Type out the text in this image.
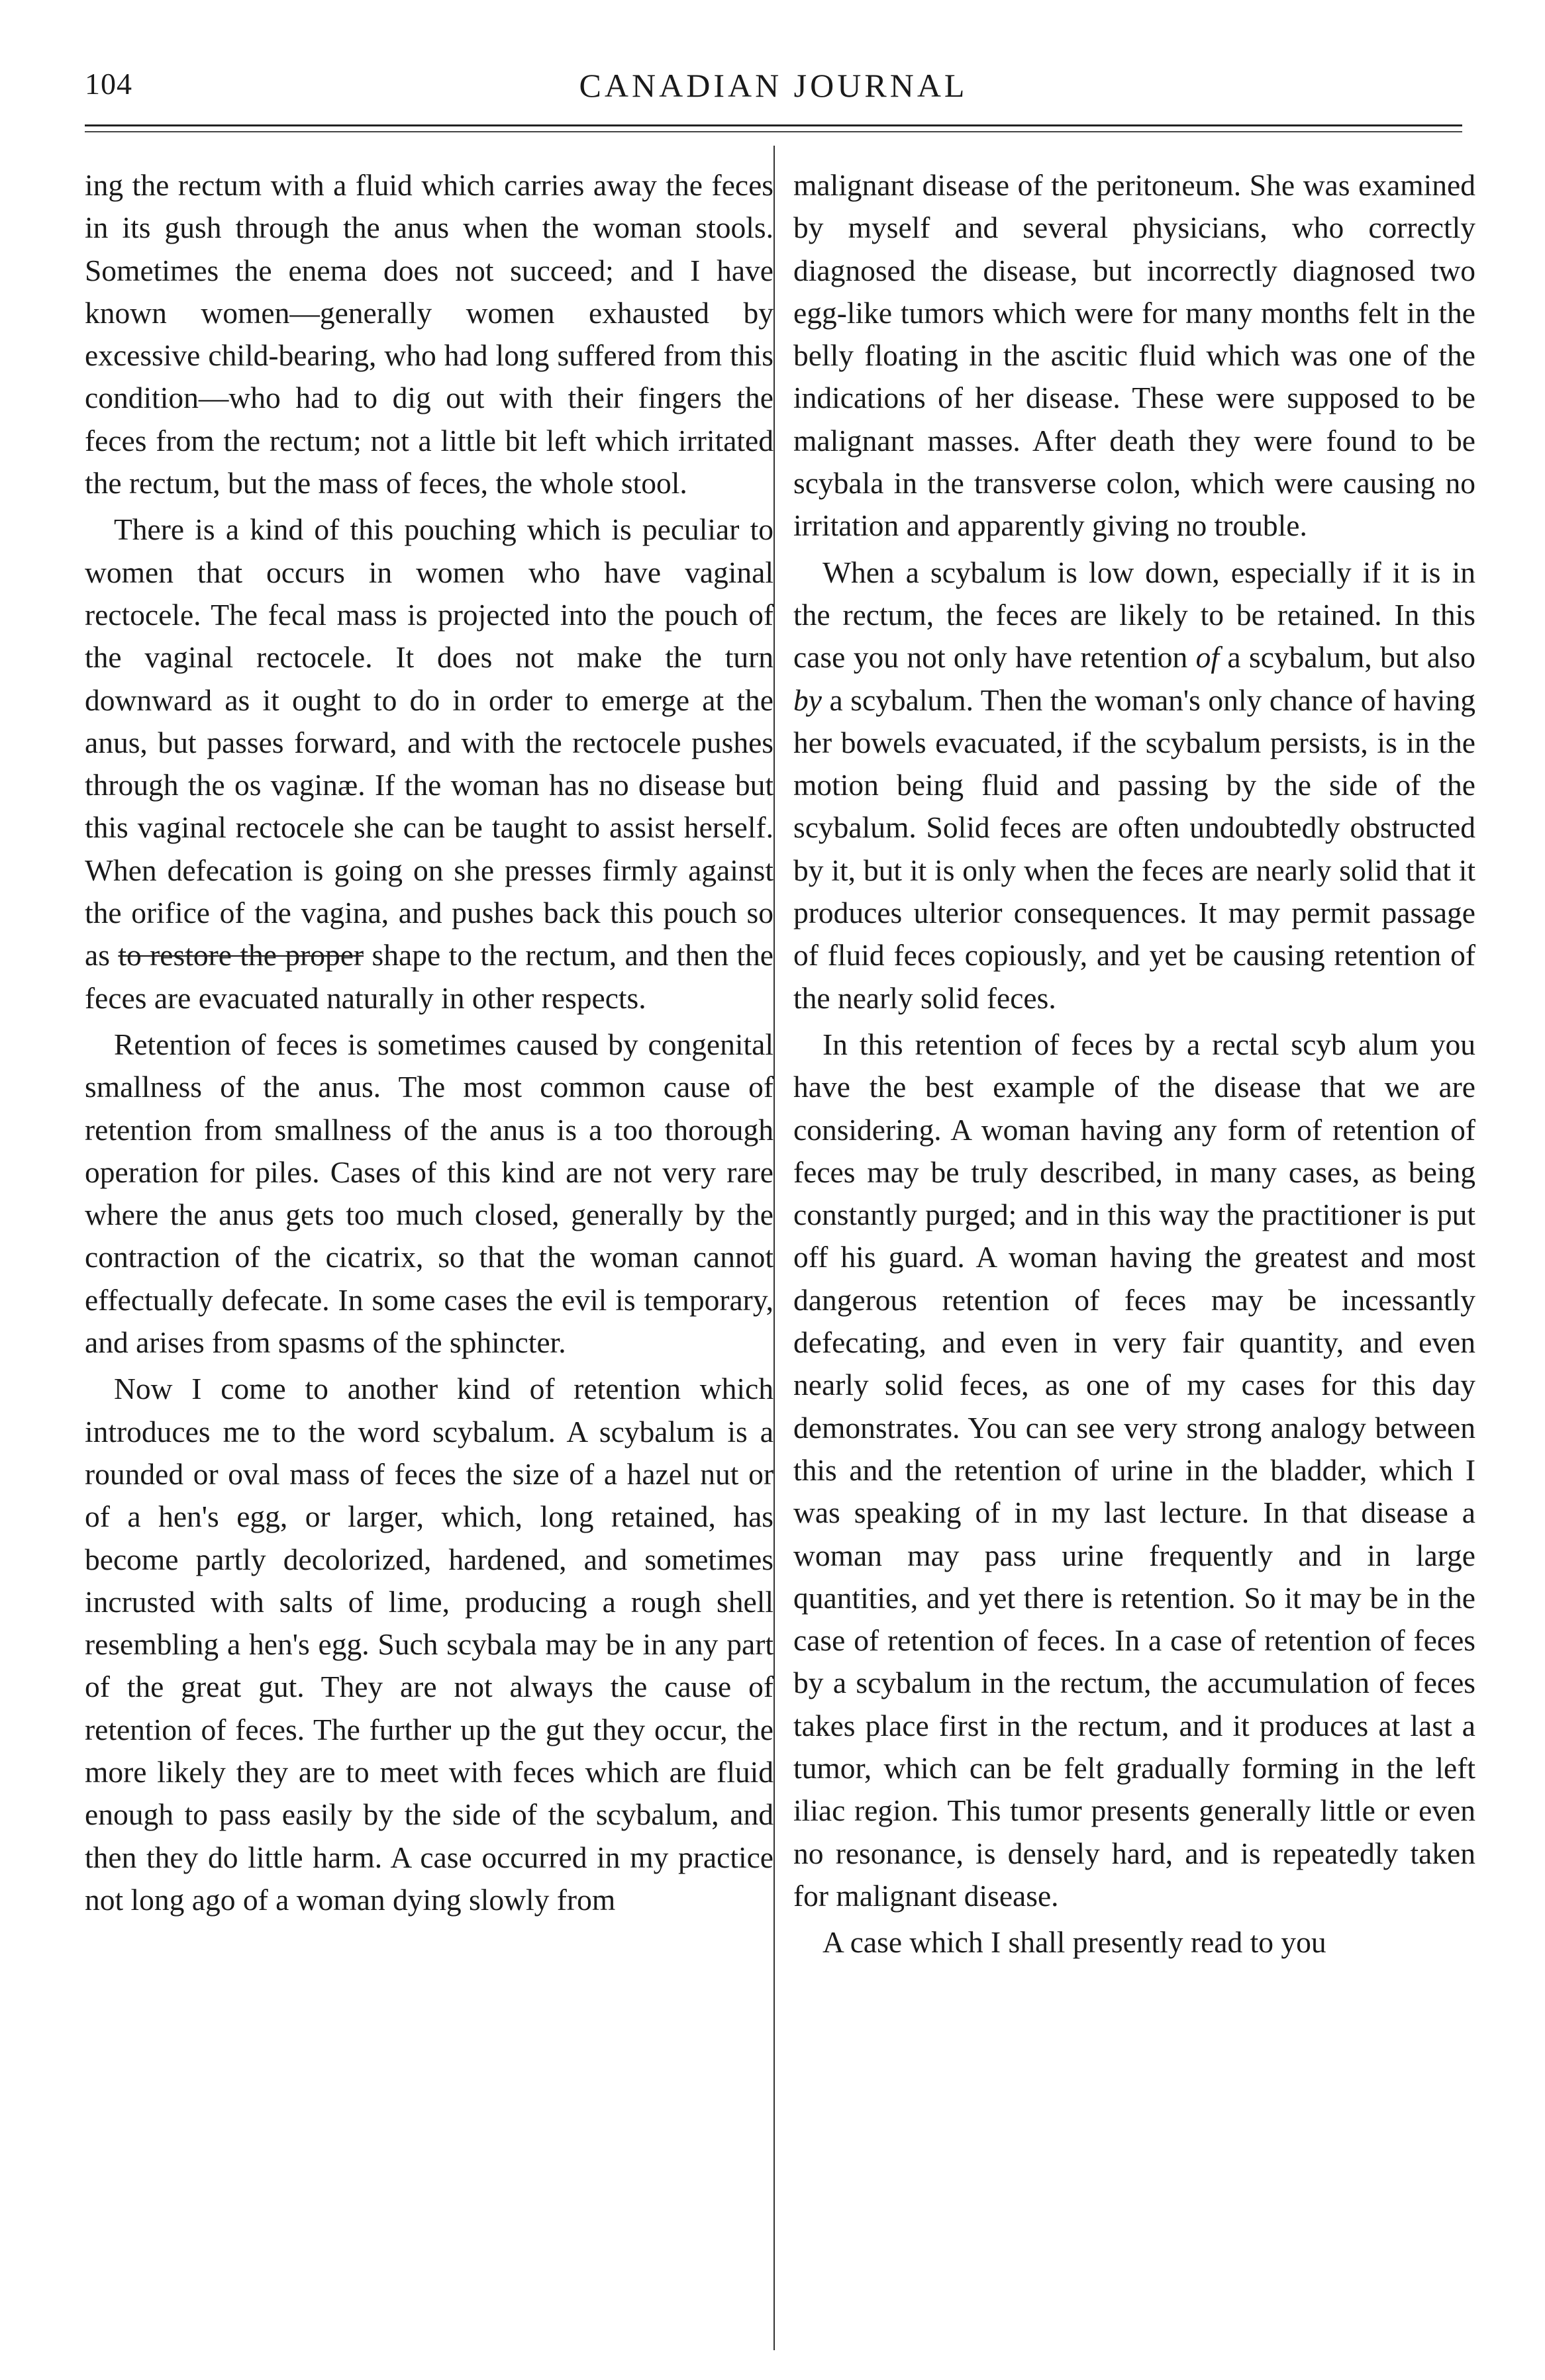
104	CANADIAN JOURNAL

ing the rectum with a fluid which carries away the feces in its gush through the anus when the woman stools. Sometimes the enema does not succeed; and I have known women—generally women exhausted by excessive child-bearing, who had long suffered from this condition—who had to dig out with their fingers the feces from the rectum; not a little bit left which irritated the rectum, but the mass of feces, the whole stool.

There is a kind of this pouching which is peculiar to women that occurs in women who have vaginal rectocele. The fecal mass is projected into the pouch of the vaginal rectocele. It does not make the turn downward as it ought to do in order to emerge at the anus, but passes forward, and with the rectocele pushes through the os vaginæ. If the woman has no disease but this vaginal rectocele she can be taught to assist herself. When defecation is going on she presses firmly against the orifice of the vagina, and pushes back this pouch so as to restore the proper shape to the rectum, and then the feces are evacuated naturally in other respects.

Retention of feces is sometimes caused by congenital smallness of the anus. The most common cause of retention from smallness of the anus is a too thorough operation for piles. Cases of this kind are not very rare where the anus gets too much closed, generally by the contraction of the cicatrix, so that the woman cannot effectually defecate. In some cases the evil is temporary, and arises from spasms of the sphincter.

Now I come to another kind of retention which introduces me to the word scybalum. A scybalum is a rounded or oval mass of feces the size of a hazel nut or of a hen's egg, or larger, which, long retained, has become partly decolorized, hardened, and sometimes incrusted with salts of lime, producing a rough shell resembling a hen's egg. Such scybala may be in any part of the great gut. They are not always the cause of retention of feces. The further up the gut they occur, the more likely they are to meet with feces which are fluid enough to pass easily by the side of the scybalum, and then they do little harm. A case occurred in my practice not long ago of a woman dying slowly from

malignant disease of the peritoneum. She was examined by myself and several physicians, who correctly diagnosed the disease, but incorrectly diagnosed two egg-like tumors which were for many months felt in the belly floating in the ascitic fluid which was one of the indications of her disease. These were supposed to be malignant masses. After death they were found to be scybala in the transverse colon, which were causing no irritation and apparently giving no trouble.

When a scybalum is low down, especially if it is in the rectum, the feces are likely to be retained. In this case you not only have retention of a scybalum, but also by a scybalum. Then the woman's only chance of having her bowels evacuated, if the scybalum persists, is in the motion being fluid and passing by the side of the scybalum. Solid feces are often undoubtedly obstructed by it, but it is only when the feces are nearly solid that it produces ulterior consequences. It may permit passage of fluid feces copiously, and yet be causing retention of the nearly solid feces.

In this retention of feces by a rectal scyb alum you have the best example of the disease that we are considering. A woman having any form of retention of feces may be truly described, in many cases, as being constantly purged; and in this way the practitioner is put off his guard. A woman having the greatest and most dangerous retention of feces may be incessantly defecating, and even in very fair quantity, and even nearly solid feces, as one of my cases for this day demonstrates. You can see very strong analogy between this and the retention of urine in the bladder, which I was speaking of in my last lecture. In that disease a woman may pass urine frequently and in large quantities, and yet there is retention. So it may be in the case of retention of feces. In a case of retention of feces by a scybalum in the rectum, the accumulation of feces takes place first in the rectum, and it produces at last a tumor, which can be felt gradually forming in the left iliac region. This tumor presents generally little or even no resonance, is densely hard, and is repeatedly taken for malignant disease.

A case which I shall presently read to you
